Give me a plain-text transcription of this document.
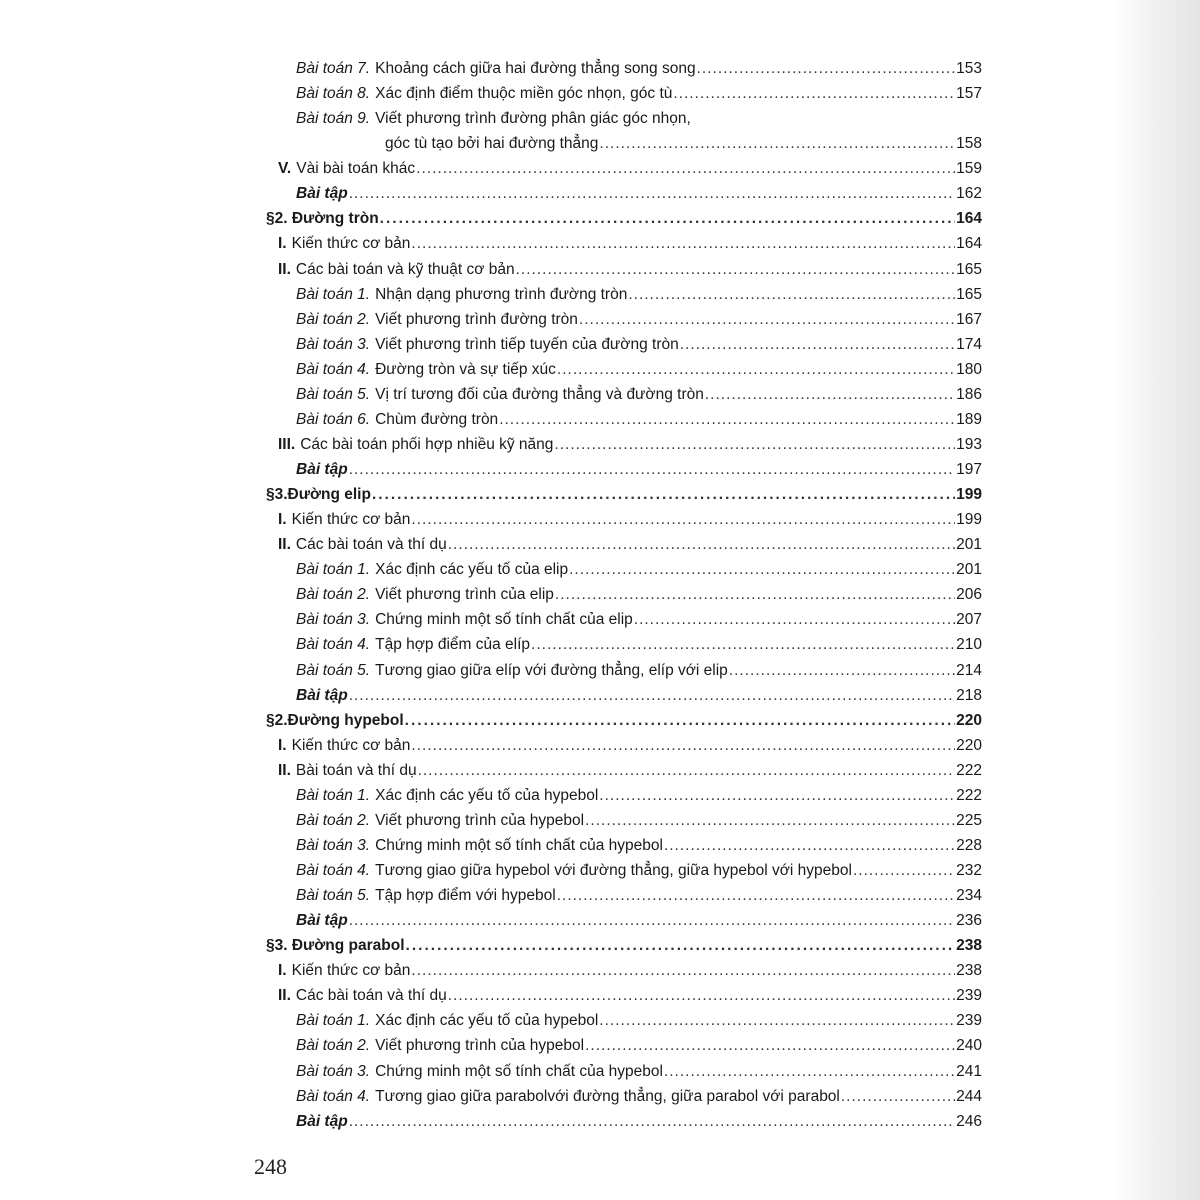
Bài toán 7. Khoảng cách giữa hai đường thẳng song song .....	153
Bài toán 8. Xác định điểm thuộc miền góc nhọn, góc tù .....	157
Bài toán 9. Viết phương trình đường phân giác góc nhọn,
góc tù tạo bởi hai đường thẳng .....	158
V. Vài bài toán khác .....	159
Bài tập .....	162
§2. Đường tròn .....	164
I. Kiến thức cơ bản .....	164
II. Các bài toán và kỹ thuật cơ bản .....	165
Bài toán 1. Nhận dạng phương trình đường tròn .....	165
Bài toán 2. Viết phương trình đường tròn .....	167
Bài toán 3. Viết phương trình tiếp tuyến của đường tròn .....	174
Bài toán 4. Đường tròn và sự tiếp xúc .....	180
Bài toán 5. Vị trí tương đối của đường thẳng và đường tròn .....	186
Bài toán 6. Chùm đường tròn .....	189
III. Các bài toán phối hợp nhiều kỹ năng .....	193
Bài tập .....	197
§3.Đường elip .....	199
I. Kiến thức cơ bản .....	199
II. Các bài toán và thí dụ .....	201
Bài toán 1. Xác định các yếu tố của elip .....	201
Bài toán 2. Viết phương trình của elip .....	206
Bài toán 3. Chứng minh một số tính chất của elip .....	207
Bài toán 4. Tập hợp điểm của elíp .....	210
Bài toán 5. Tương giao giữa elíp với đường thẳng, elíp với elip .....	214
Bài tập .....	218
§2.Đường hypebol .....	220
I. Kiến thức cơ bản .....	220
II. Bài toán và thí dụ .....	222
Bài toán 1. Xác định các yếu tố của hypebol .....	222
Bài toán 2. Viết phương trình của hypebol .....	225
Bài toán 3. Chứng minh một số tính chất của hypebol .....	228
Bài toán 4. Tương giao giữa hypebol với đường thẳng, giữa hypebol với hypebol .....	232
Bài toán 5. Tập hợp điểm với hypebol .....	234
Bài tập .....	236
§3. Đường parabol .....	238
I. Kiến thức cơ bản .....	238
II. Các bài toán và thí dụ .....	239
Bài toán 1. Xác định các yếu tố của hypebol .....	239
Bài toán 2. Viết phương trình của hypebol .....	240
Bài toán 3. Chứng minh một số tính chất của hypebol .....	241
Bài toán 4. Tương giao giữa parabolvới đường thẳng, giữa parabol với parabol .....	244
Bài tập .....	246
248
